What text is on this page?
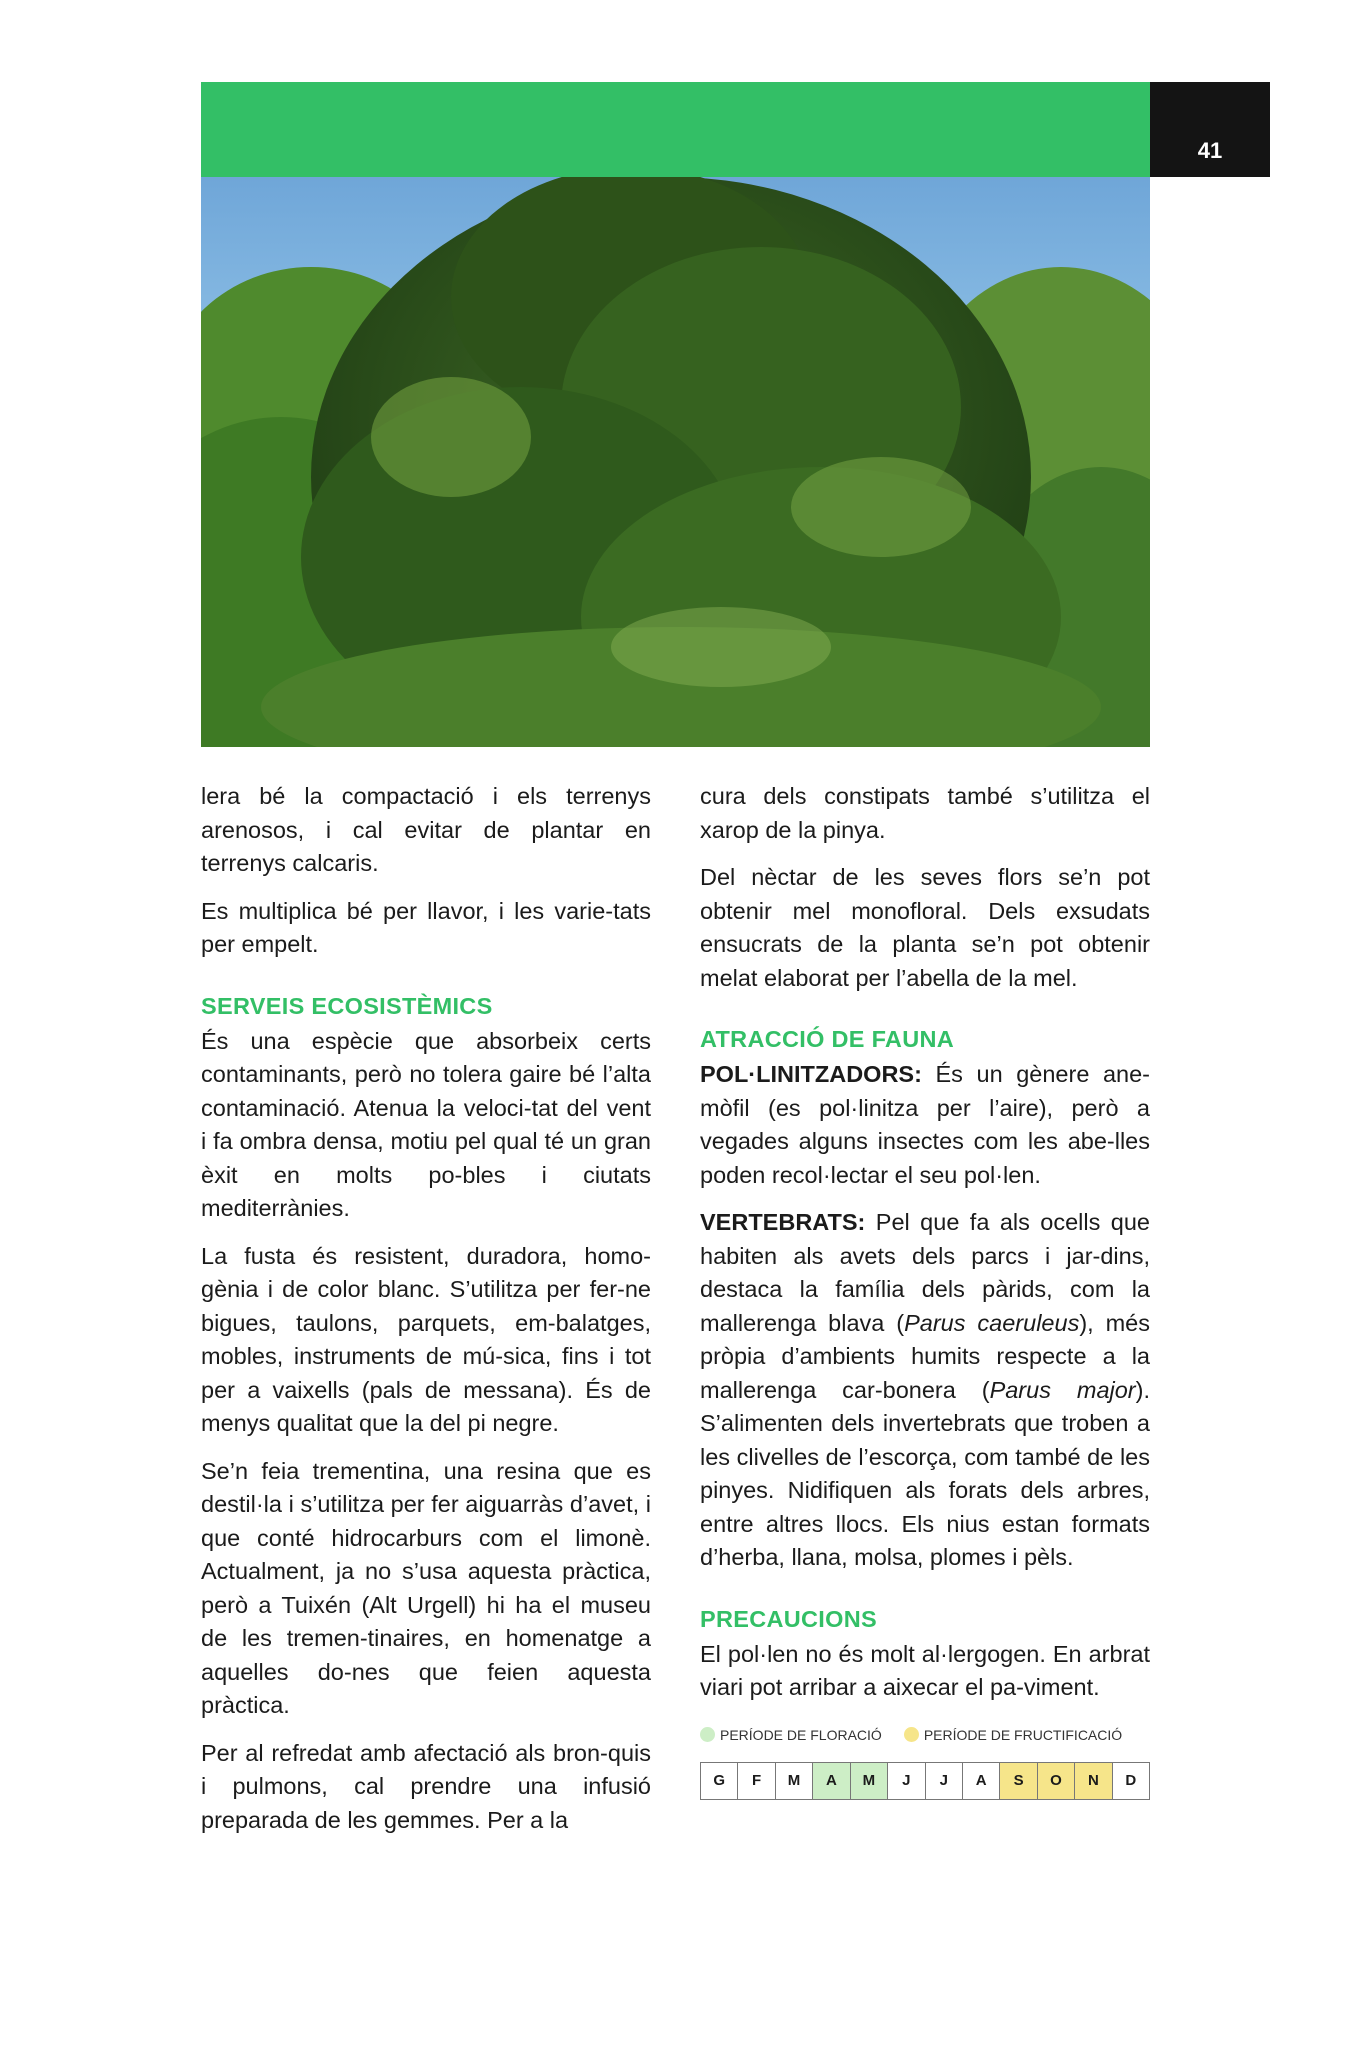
41

lera bé la compactació i els terrenys arenosos, i cal evitar de plantar en terrenys calcaris.

Es multiplica bé per llavor, i les varie-tats per empelt.

SERVEIS ECOSISTÈMICS

És una espècie que absorbeix certs contaminants, però no tolera gaire bé l’alta contaminació. Atenua la veloci-tat del vent i fa ombra densa, motiu pel qual té un gran èxit en molts po-bles i ciutats mediterrànies.

La fusta és resistent, duradora, homo-gènia i de color blanc. S’utilitza per fer-ne bigues, taulons, parquets, em-balatges, mobles, instruments de mú-sica, fins i tot per a vaixells (pals de messana). És de menys qualitat que la del pi negre.

Se’n feia trementina, una resina que es destil·la i s’utilitza per fer aiguarràs d’avet, i que conté hidrocarburs com el limonè. Actualment, ja no s’usa aquesta pràctica, però a Tuixén (Alt Urgell) hi ha el museu de les tremen-tinaires, en homenatge a aquelles do-nes que feien aquesta pràctica.

Per al refredat amb afectació als bron-quis i pulmons, cal prendre una infusió preparada de les gemmes. Per a la

cura dels constipats també s’utilitza el xarop de la pinya.

Del nèctar de les seves flors se’n pot obtenir mel monofloral. Dels exsudats ensucrats de la planta se’n pot obtenir melat elaborat per l’abella de la mel.

ATRACCIÓ DE FAUNA

POL·LINITZADORS: És un gènere ane-mòfil (es pol·linitza per l’aire), però a vegades alguns insectes com les abe-lles poden recol·lectar el seu pol·len.

VERTEBRATS: Pel que fa als ocells que habiten als avets dels parcs i jar-dins, destaca la família dels pàrids, com la mallerenga blava (Parus caeruleus), més pròpia d’ambients humits respecte a la mallerenga car-bonera (Parus major). S’alimenten dels invertebrats que troben a les clivelles de l’escorça, com també de les pinyes. Nidifiquen als forats dels arbres, entre altres llocs. Els nius estan formats d’herba, llana, molsa, plomes i pèls.

PRECAUCIONS

El pol·len no és molt al·lergogen. En arbrat viari pot arribar a aixecar el pa-viment.

PERÍODE DE FLORACIÓ	PERÍODE DE FRUCTIFICACIÓ
G	F	M	A	M	J	J	A	S	O	N	D
